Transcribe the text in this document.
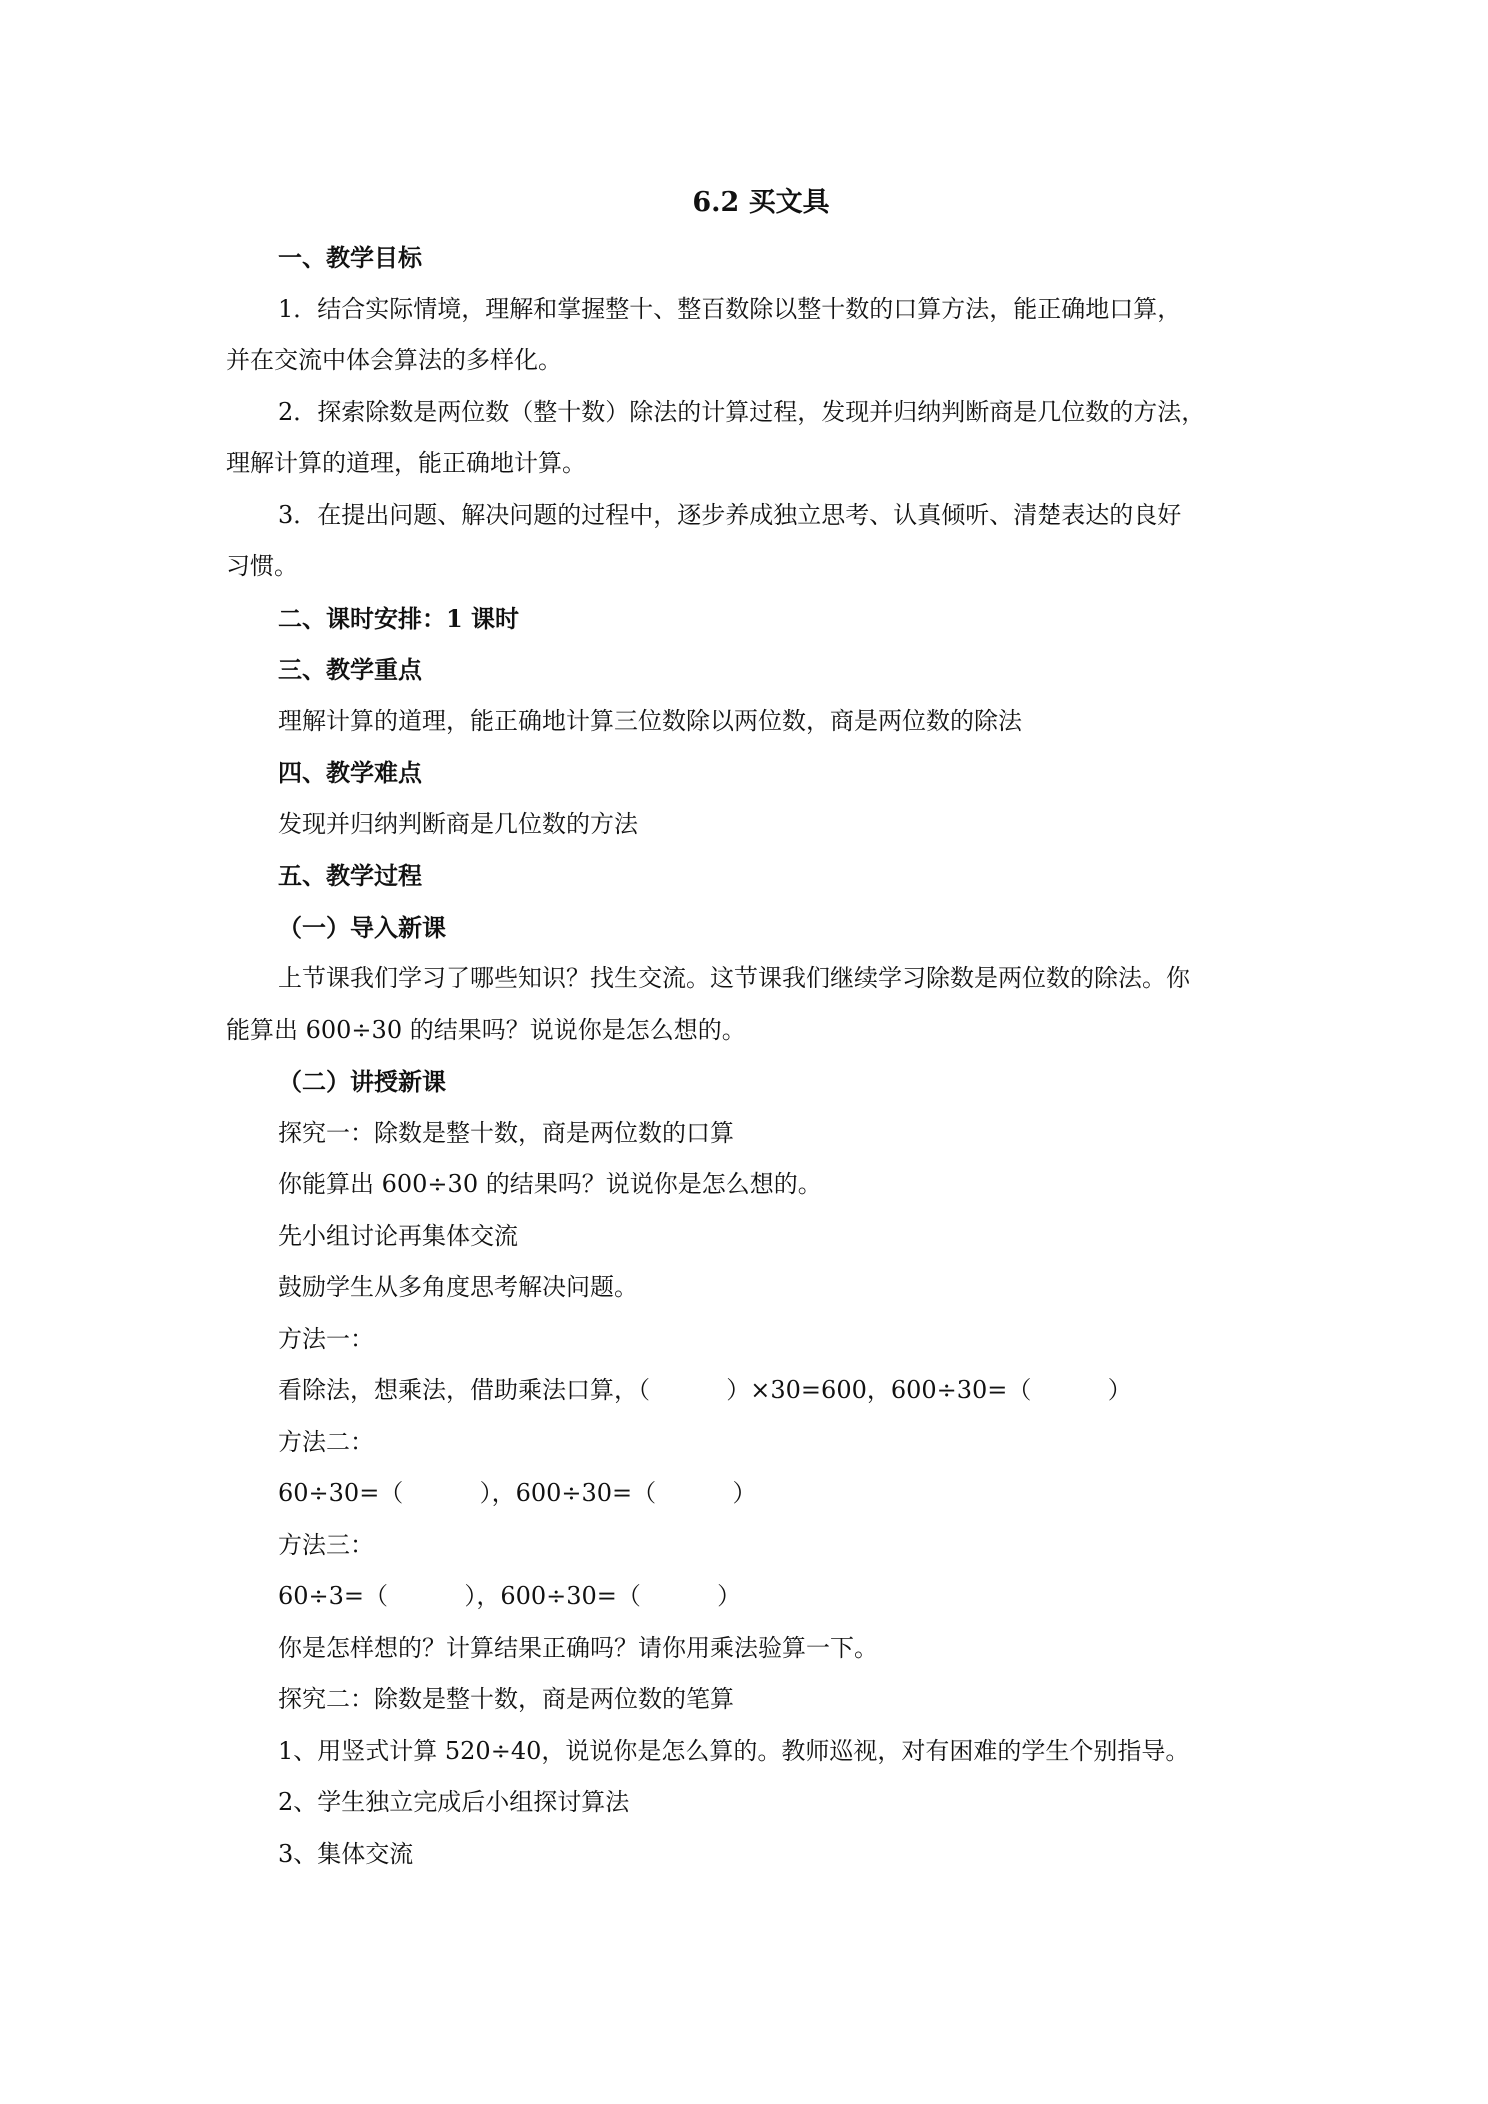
6.2 买文具

一、教学目标

1．结合实际情境，理解和掌握整十、整百数除以整十数的口算方法，能正确地口算，

并在交流中体会算法的多样化。

2．探索除数是两位数（整十数）除法的计算过程，发现并归纳判断商是几位数的方法，

理解计算的道理，能正确地计算。

3．在提出问题、解决问题的过程中，逐步养成独立思考、认真倾听、清楚表达的良好

习惯。

二、课时安排：1 课时

三、教学重点

理解计算的道理，能正确地计算三位数除以两位数，商是两位数的除法

四、教学难点

发现并归纳判断商是几位数的方法

五、教学过程

（一）导入新课

上节课我们学习了哪些知识？找生交流。这节课我们继续学习除数是两位数的除法。你

能算出 600÷30 的结果吗？说说你是怎么想的。

（二）讲授新课

探究一：除数是整十数，商是两位数的口算

你能算出 600÷30 的结果吗？说说你是怎么想的。

先小组讨论再集体交流

鼓励学生从多角度思考解决问题。

方法一：

看除法，想乘法，借助乘法口算，（          ）×30=600，600÷30=（          ）

方法二：

60÷30=（          ），600÷30=（          ）

方法三：

60÷3=（          ），600÷30=（          ）

你是怎样想的？计算结果正确吗？请你用乘法验算一下。

探究二：除数是整十数，商是两位数的笔算

1、用竖式计算 520÷40，说说你是怎么算的。教师巡视，对有困难的学生个别指导。

2、学生独立完成后小组探讨算法

3、集体交流
